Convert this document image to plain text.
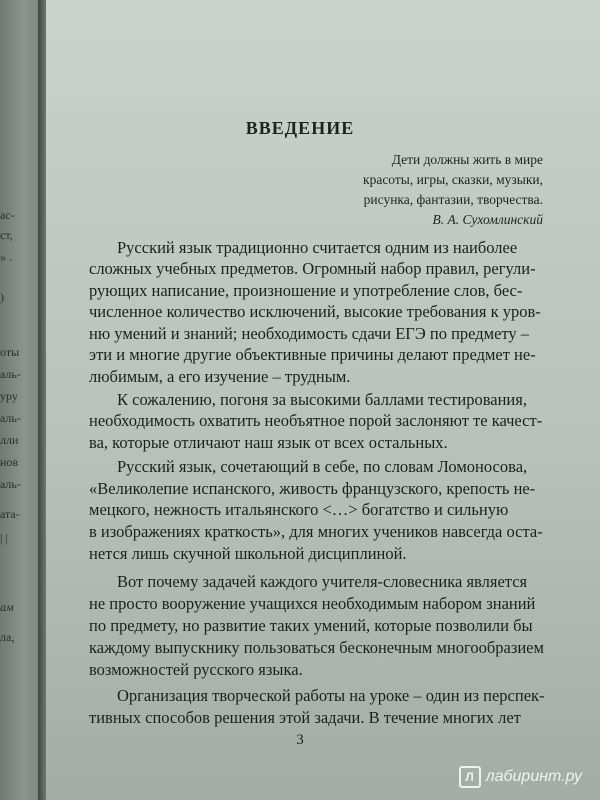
ас-
ст,
» .
)
оты
аль-
уру
аль-
лли
нов
аль-
ата-
| |
ам
ла,
ВВЕДЕНИЕ
Дети должны жить в мире
красоты, игры, сказки, музыки,
рисунка, фантазии, творчества.
В. А. Сухомлинский
Русский язык традиционно считается одним из наиболее
сложных учебных предметов. Огромный набор правил, регули-
рующих написание, произношение и употребление слов, бес-
численное количество исключений, высокие требования к уров-
ню умений и знаний; необходимость сдачи ЕГЭ по предмету –
эти и многие другие объективные причины делают предмет не-
любимым, а его изучение – трудным.
К сожалению, погоня за высокими баллами тестирования,
необходимость охватить необъятное порой заслоняют те качест-
ва, которые отличают наш язык от всех остальных.
Русский язык, сочетающий в себе, по словам Ломоносова,
«Великолепие испанского, живость французского, крепость не-
мецкого, нежность итальянского <…> богатство и сильную
в изображениях краткость», для многих учеников навсегда оста-
нется лишь скучной школьной дисциплиной.
Вот почему задачей каждого учителя-словесника является
не просто вооружение учащихся необходимым набором знаний
по предмету, но развитие таких умений, которые позволили бы
каждому выпускнику пользоваться бесконечным многообразием
возможностей русского языка.
Организация творческой работы на уроке – один из перспек-
тивных способов решения этой задачи. В течение многих лет
3
Л лабиринт.ру
